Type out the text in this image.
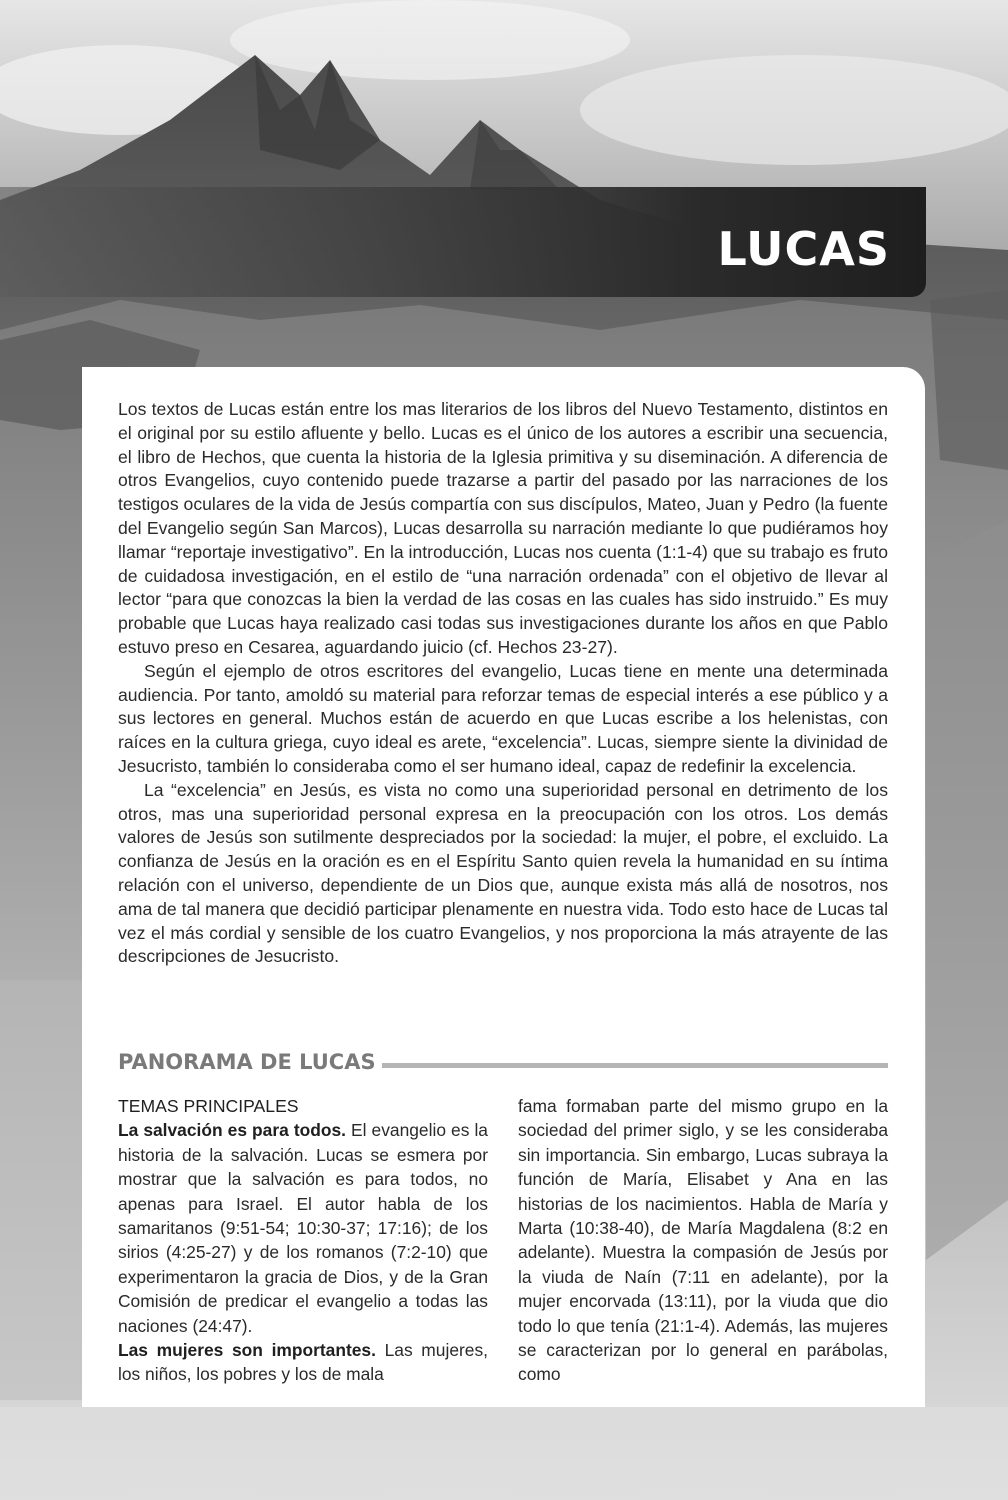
LUCAS

Los textos de Lucas están entre los mas literarios de los libros del Nuevo Testamento, distintos en el original por su estilo afluente y bello. Lucas es el único de los autores a escribir una secuencia, el libro de Hechos, que cuenta la historia de la Iglesia primitiva y su diseminación. A diferencia de otros Evangelios, cuyo contenido puede trazarse a partir del pasado por las narraciones de los testigos oculares de la vida de Jesús compartía con sus discípulos, Mateo, Juan y Pedro (la fuente del Evangelio según San Marcos), Lucas desarrolla su narración mediante lo que pudiéramos hoy llamar “reportaje investigativo”. En la introducción, Lucas nos cuenta (1:1-4) que su trabajo es fruto de cuidadosa investigación, en el estilo de “una narración ordenada” con el objetivo de llevar al lector “para que conozcas la bien la verdad de las cosas en las cuales has sido instruido.” Es muy probable que Lucas haya realizado casi todas sus investigaciones durante los años en que Pablo estuvo preso en Cesarea, aguardando juicio (cf. Hechos 23-27).

Según el ejemplo de otros escritores del evangelio, Lucas tiene en mente una determinada audiencia. Por tanto, amoldó su material para reforzar temas de especial interés a ese público y a sus lectores en general. Muchos están de acuerdo en que Lucas escribe a los helenistas, con raíces en la cultura griega, cuyo ideal es arete, “excelencia”. Lucas, siempre siente la divinidad de Jesucristo, también lo consideraba como el ser humano ideal, capaz de redefinir la excelencia.

La “excelencia” en Jesús, es vista no como una superioridad personal en detrimento de los otros, mas una superioridad personal expresa en la preocupación con los otros. Los demás valores de Jesús son sutilmente despreciados por la sociedad: la mujer, el pobre, el excluido. La confianza de Jesús en la oración es en el Espíritu Santo quien revela la humanidad en su íntima relación con el universo, dependiente de un Dios que, aunque exista más allá de nosotros, nos ama de tal manera que decidió participar plenamente en nuestra vida. Todo esto hace de Lucas tal vez el más cordial y sensible de los cuatro Evangelios, y nos proporciona la más atrayente de las descripciones de Jesucristo.

PANORAMA DE LUCAS

TEMAS PRINCIPALES

La salvación es para todos. El evangelio es la historia de la salvación. Lucas se esmera por mostrar que la salvación es para todos, no apenas para Israel. El autor habla de los samaritanos (9:51-54; 10:30-37; 17:16); de los sirios (4:25-27) y de los romanos (7:2-10) que experimentaron la gracia de Dios, y de la Gran Comisión de predicar el evangelio a todas las naciones (24:47).

Las mujeres son importantes. Las mujeres, los niños, los pobres y los de mala

fama formaban parte del mismo grupo en la sociedad del primer siglo, y se les consideraba sin importancia. Sin embargo, Lucas subraya la función de María, Elisabet y Ana en las historias de los nacimientos. Habla de María y Marta (10:38-40), de María Magdalena (8:2 en adelante). Muestra la compasión de Jesús por la viuda de Naín (7:11 en adelante), por la mujer encorvada (13:11), por la viuda que dio todo lo que tenía (21:1-4). Además, las mujeres se caracterizan por lo general en parábolas, como
